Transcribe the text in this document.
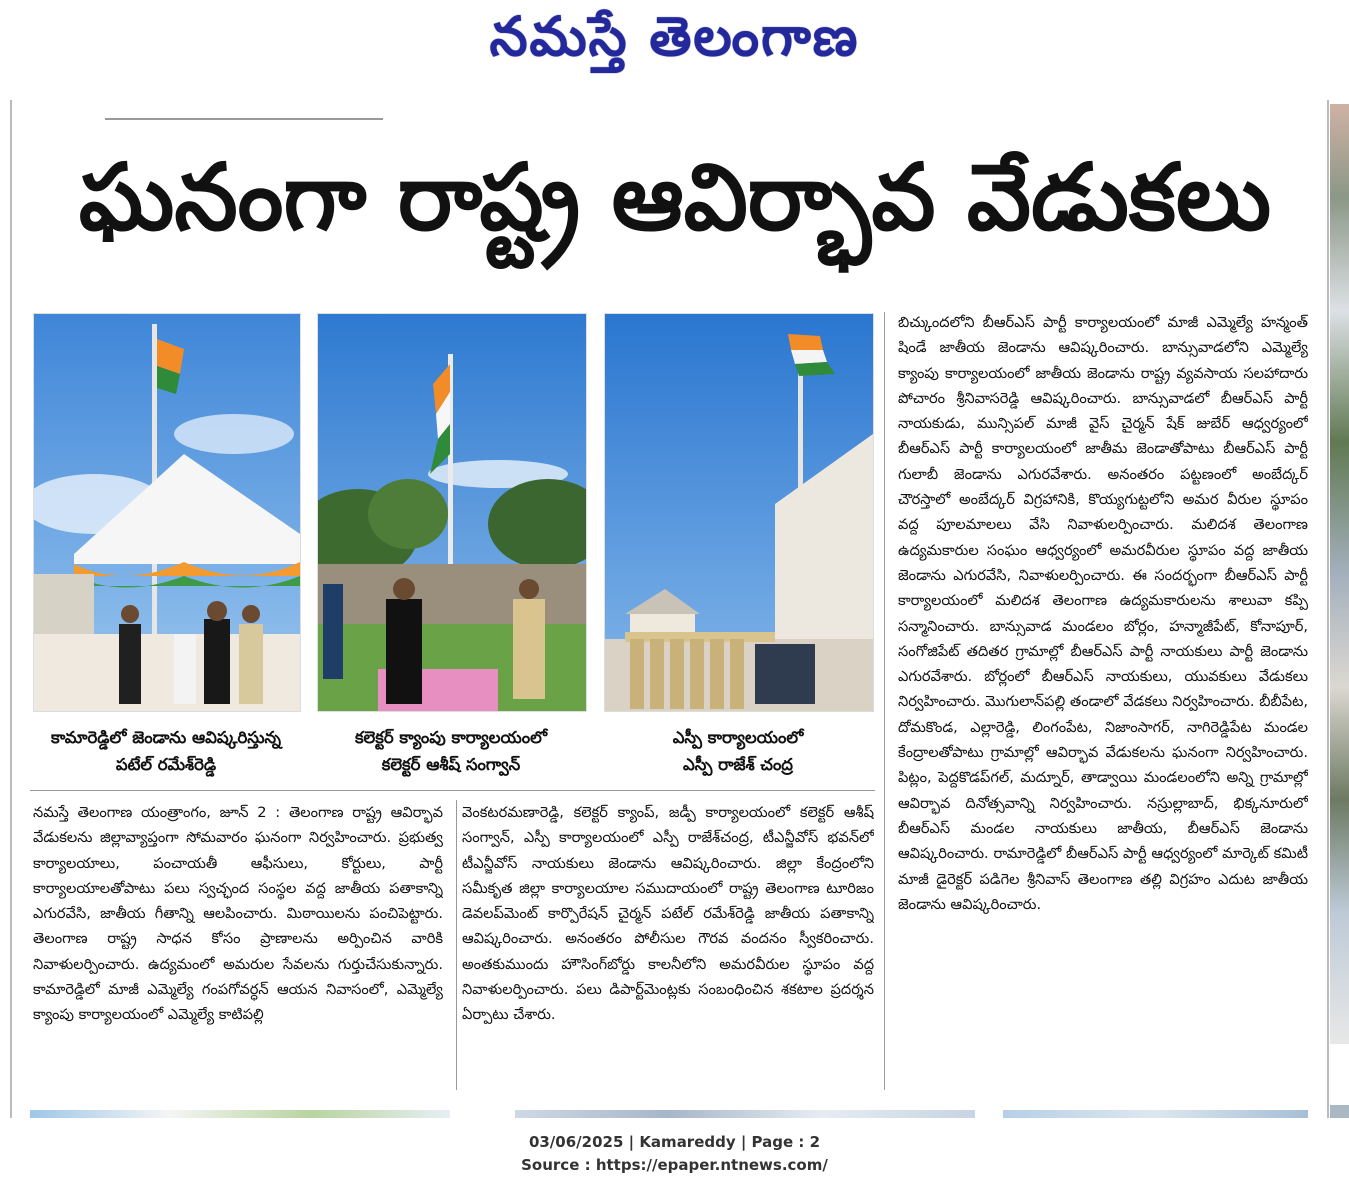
నమస్తే తెలంగాణ
ఘనంగా రాష్ట్ర ఆవిర్భావ వేడుకలు
కామారెడ్డిలో జెండాను ఆవిష్కరిస్తున్న
పటేల్ రమేశ్‌రెడ్డి
కలెక్టర్ క్యాంపు కార్యాలయంలో
కలెక్టర్ ఆశీష్ సంగ్వాన్
ఎస్పీ కార్యాలయంలో
ఎస్పీ రాజేశ్ చంద్ర

నమస్తే తెలంగాణ యంత్రాంగం, జూన్ 2 : తెలంగాణ రాష్ట్ర ఆవిర్భావ వేడుకలను జిల్లావ్యాప్తంగా సోమవారం ఘనంగా నిర్వహించారు. ప్రభుత్వ కార్యాలయాలు, పంచాయతీ ఆఫీసులు, కోర్టులు, పార్టీ కార్యాలయాలతోపాటు పలు స్వచ్ఛంద సంస్థల వద్ద జాతీయ పతాకాన్ని ఎగురవేసి, జాతీయ గీతాన్ని ఆలపించారు. మిఠాయిలను పంచిపెట్టారు. తెలంగాణ రాష్ట్ర సాధన కోసం ప్రాణాలను అర్పించిన వారికి నివాళులర్పించారు. ఉద్యమంలో అమరుల సేవలను గుర్తుచేసుకున్నారు. కామారెడ్డిలో మాజీ ఎమ్మెల్యే గంపగోవర్ధన్ ఆయన నివాసంలో, ఎమ్మెల్యే క్యాంపు కార్యాలయంలో ఎమ్మెల్యే కాటిపల్లి

వెంకటరమణారెడ్డి, కలెక్టర్ క్యాంప్, జడ్పీ కార్యాలయంలో కలెక్టర్ ఆశీష్ సంగ్వాన్, ఎస్పీ కార్యాలయంలో ఎస్పీ రాజేశ్‌చంద్ర, టీఎన్జీవోస్ భవన్‌లో టీఎన్జీవోస్ నాయకులు జెండాను ఆవిష్కరించారు. జిల్లా కేంద్రంలోని సమీకృత జిల్లా కార్యాలయాల సముదాయంలో రాష్ట్ర తెలంగాణ టూరిజం డెవలప్‌మెంట్ కార్పొరేషన్ చైర్మన్ పటేల్ రమేశ్‌రెడ్డి జాతీయ పతాకాన్ని ఆవిష్కరించారు. అనంతరం పోలీసుల గౌరవ వందనం స్వీకరించారు. అంతకుముందు హౌసింగ్‌బోర్డు కాలనీలోని అమరవీరుల స్థూపం వద్ద నివాళులర్పించారు. పలు డిపార్ట్‌మెంట్లకు సంబంధించిన శకటాల ప్రదర్శన ఏర్పాటు చేశారు.

బిచ్కుందలోని బీఆర్‌ఎస్ పార్టీ కార్యాలయంలో మాజీ ఎమ్మెల్యే హన్మంత్ షిండే జాతీయ జెండాను ఆవిష్కరించారు. బాన్సువాడలోని ఎమ్మెల్యే క్యాంపు కార్యాలయంలో జాతీయ జెండాను రాష్ట్ర వ్యవసాయ సలహాదారు పోచారం శ్రీనివాసరెడ్డి ఆవిష్కరించారు. బాన్సువాడలో బీఆర్‌ఎస్ పార్టీ నాయకుడు, మున్సిపల్ మాజీ వైస్ చైర్మన్ షేక్ జుబేర్ ఆధ్వర్యంలో బీఆర్‌ఎస్ పార్టీ కార్యాలయంలో జాతీమ జెండాతోపాటు బీఆర్‌ఎస్ పార్టీ గులాబీ జెండాను ఎగురవేశారు. అనంతరం పట్టణంలో అంబేద్కర్ చౌరస్తాలో అంబేద్కర్ విగ్రహానికి, కొయ్యగుట్టలోని అమర వీరుల స్థూపం వద్ద పూలమాలలు వేసి నివాళులర్పించారు. మలిదశ తెలంగాణ ఉద్యమకారుల సంఘం ఆధ్వర్యంలో అమరవీరుల స్థూపం వద్ద జాతీయ జెండాను ఎగురవేసి, నివాళులర్పించారు. ఈ సందర్భంగా బీఆర్‌ఎస్ పార్టీ కార్యాలయంలో మలిదశ తెలంగాణ ఉద్యమకారులను శాలువా కప్పి సన్మానించారు. బాన్సువాడ మండలం బోర్లం, హన్మాజీపేట్, కోనాపూర్, సంగోజిపేట్ తదితర గ్రామాల్లో బీఆర్‌ఎస్ పార్టీ నాయకులు పార్టీ జెండాను ఎగురవేశారు. బోర్లంలో బీఆర్‌ఎస్ నాయకులు, యువకులు వేడుకలు నిర్వహించారు. మొగులాన్‌పల్లి తండాలో వేడకలు నిర్వహించారు. బీబీపేట, దోమకొండ, ఎల్లారెడ్డి, లింగంపేట, నిజాంసాగర్, నాగిరెడ్డిపేట మండల కేంద్రాలతోపాటు గ్రామాల్లో ఆవిర్భావ వేడుకలను ఘనంగా నిర్వహించారు. పిట్లం, పెద్దకొడప్‌గల్, మద్నూర్, తాడ్వాయి మండలంలోని అన్ని గ్రామాల్లో ఆవిర్భావ దినోత్సవాన్ని నిర్వహించారు. నస్రుల్లాబాద్, భిక్కనూరులో బీఆర్‌ఎస్ మండల నాయకులు జాతీయ, బీఆర్‌ఎస్ జెండాను ఆవిష్కరించారు. రామారెడ్డిలో బీఆర్‌ఎస్ పార్టీ ఆధ్వర్యంలో మార్కెట్ కమిటీ మాజీ డైరెక్టర్ పడిగెల శ్రీనివాస్ తెలంగాణ తల్లి విగ్రహం ఎదుట జాతీయ జెండాను ఆవిష్కరించారు.

03/06/2025 | Kamareddy | Page : 2
Source : https://epaper.ntnews.com/
